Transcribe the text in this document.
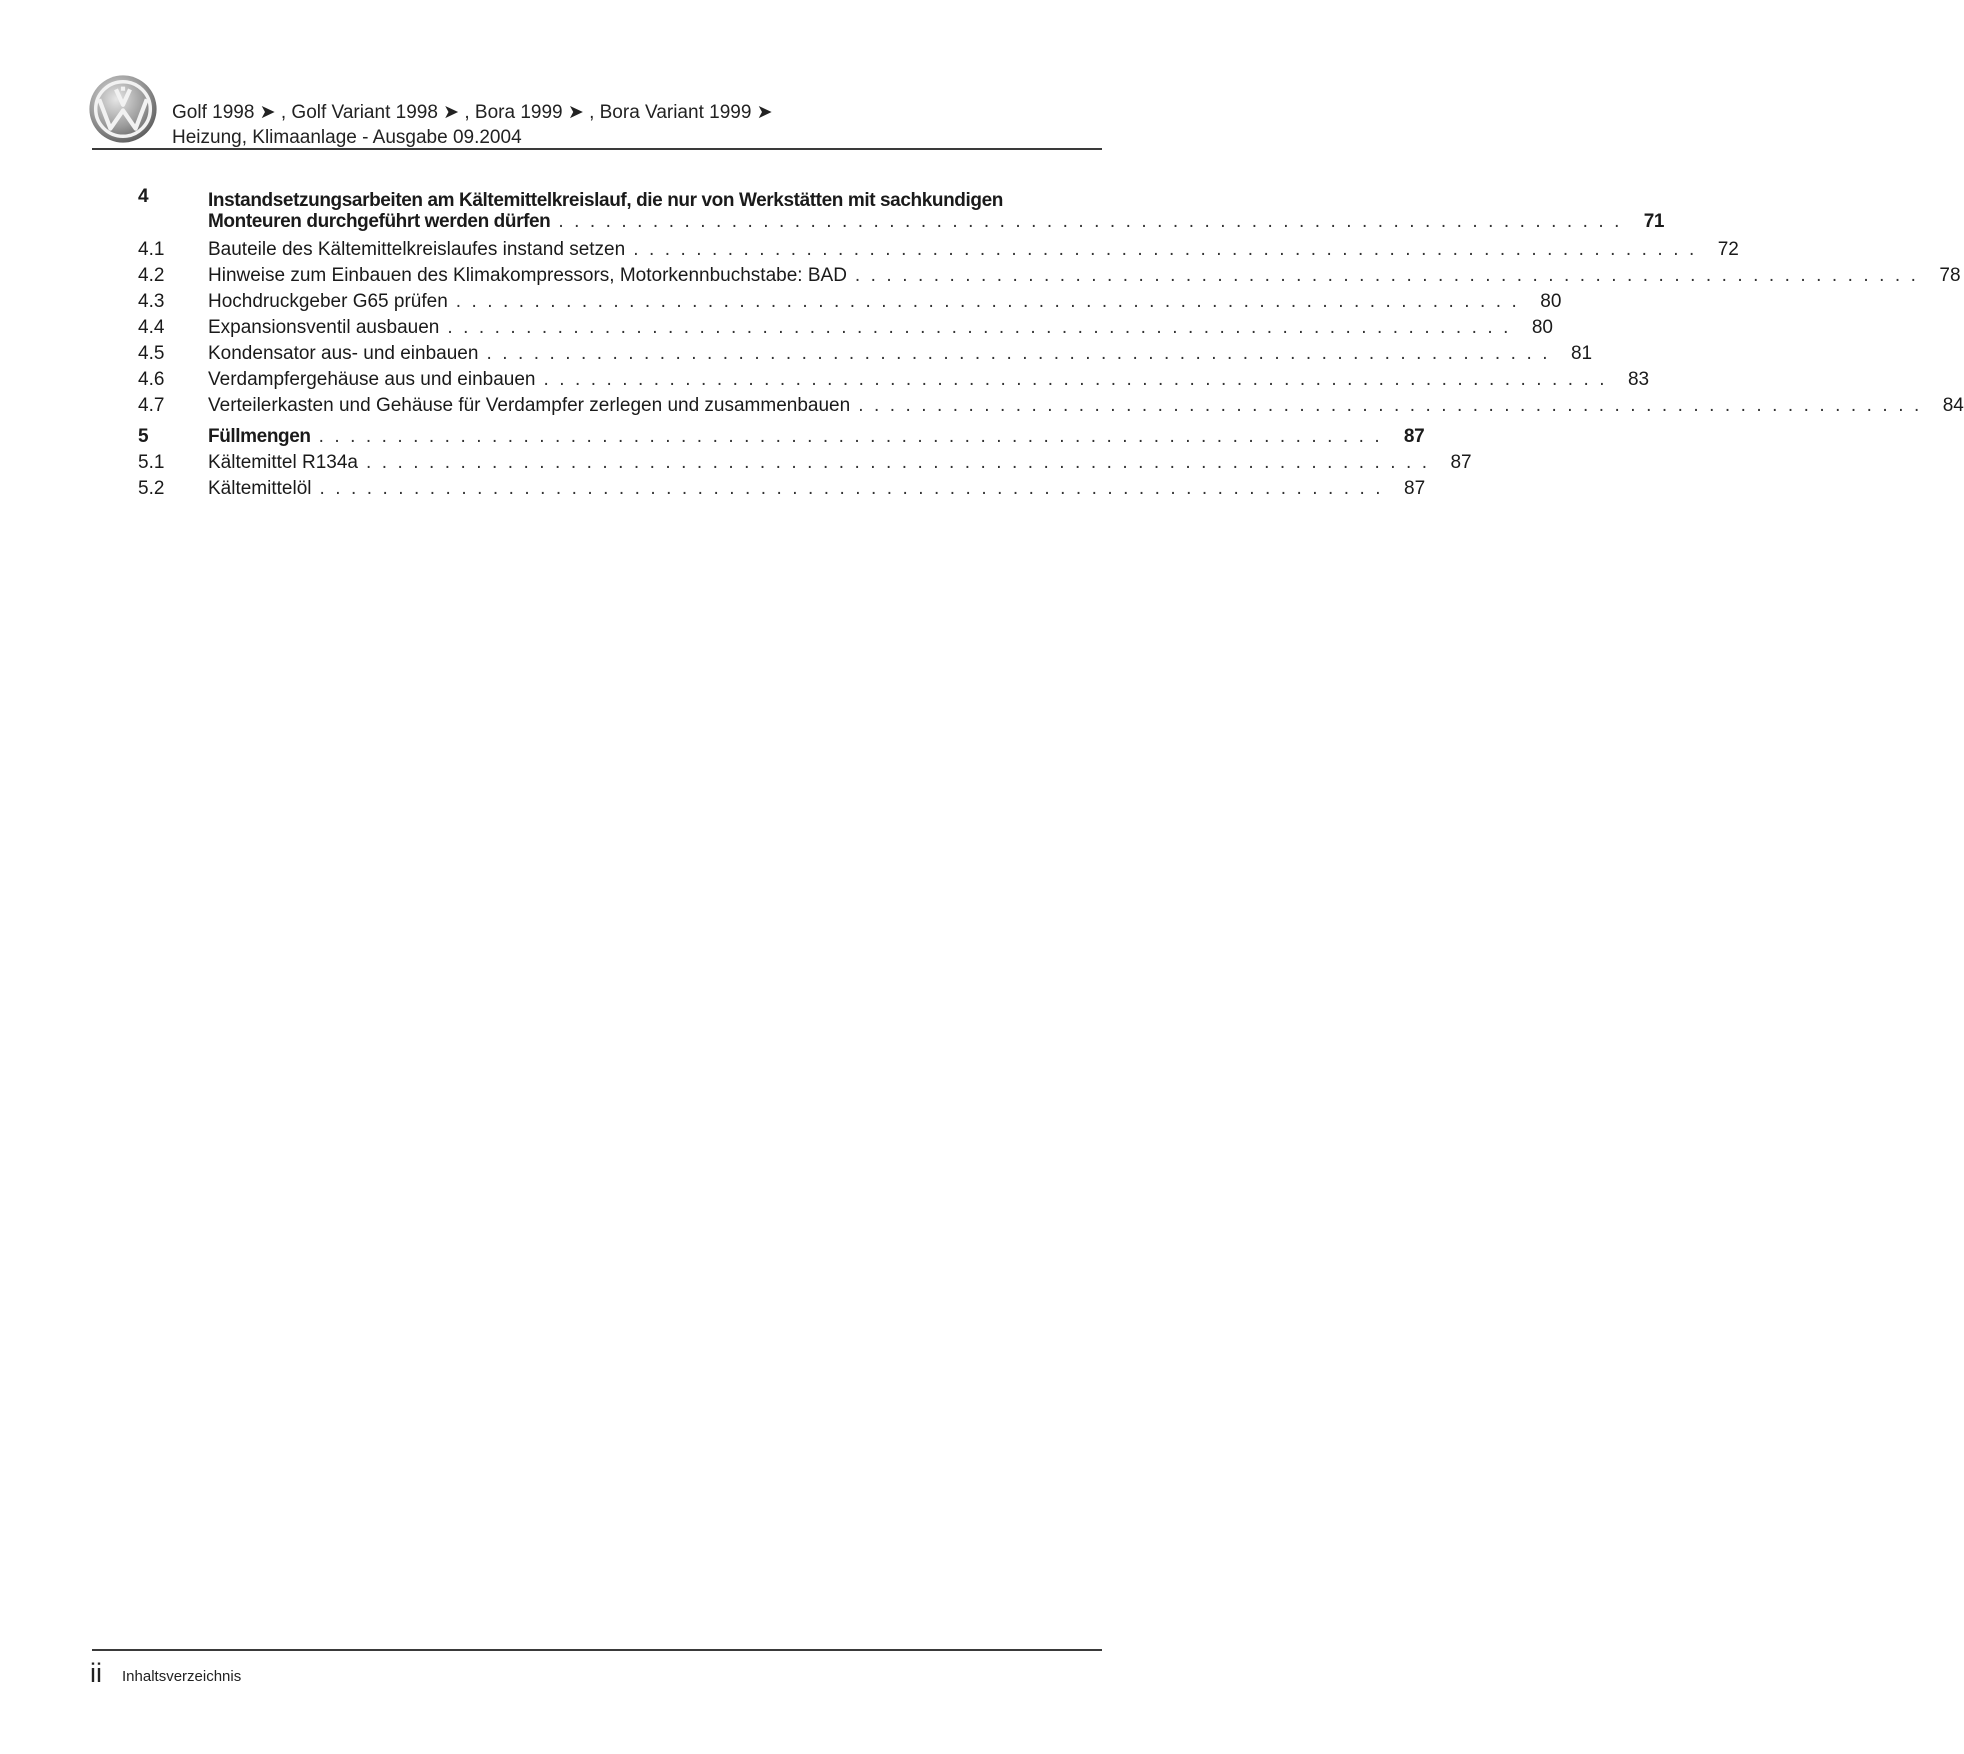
Golf 1998 ➤ , Golf Variant 1998 ➤ , Bora 1999 ➤ , Bora Variant 1999 ➤
Heizung, Klimaanlage - Ausgabe 09.2004
4	Instandsetzungsarbeiten am Kältemittelkreislauf, die nur von Werkstätten mit sachkundigen
Monteuren durchgeführt werden dürfen . . . . . . . . . . . . . . . . . . . . . . . . . . . . . . . . . . . . . . . . . . . . . . . . . . . . . . . . . . . . . . . . . . . .	71
4.1	Bauteile des Kältemittelkreislaufes instand setzen . . . . . . . . . . . . . . . . . . . . . . . . . . . . . . . . . . . . . . . . . . . . . . . . . . . . . . . . . . . . . . . . . . . .	72
4.2	Hinweise zum Einbauen des Klimakompressors, Motorkennbuchstabe: BAD . . . . . . . . . . . . . . . . . . . . . . . . . . . . . . . . . . . . . . . . . . . . . . . . . . . . . . . . . . . . . . . . . . . .	78
4.3	Hochdruckgeber G65 prüfen . . . . . . . . . . . . . . . . . . . . . . . . . . . . . . . . . . . . . . . . . . . . . . . . . . . . . . . . . . . . . . . . . . . .	80
4.4	Expansionsventil ausbauen . . . . . . . . . . . . . . . . . . . . . . . . . . . . . . . . . . . . . . . . . . . . . . . . . . . . . . . . . . . . . . . . . . . .	80
4.5	Kondensator aus- und einbauen . . . . . . . . . . . . . . . . . . . . . . . . . . . . . . . . . . . . . . . . . . . . . . . . . . . . . . . . . . . . . . . . . . . .	81
4.6	Verdampfergehäuse aus und einbauen . . . . . . . . . . . . . . . . . . . . . . . . . . . . . . . . . . . . . . . . . . . . . . . . . . . . . . . . . . . . . . . . . . . .	83
4.7	Verteilerkasten und Gehäuse für Verdampfer zerlegen und zusammenbauen . . . . . . . . . . . . . . . . . . . . . . . . . . . . . . . . . . . . . . . . . . . . . . . . . . . . . . . . . . . . . . . . . . . .	84
5	Füllmengen . . . . . . . . . . . . . . . . . . . . . . . . . . . . . . . . . . . . . . . . . . . . . . . . . . . . . . . . . . . . . . . . . . . .	87
5.1	Kältemittel R134a . . . . . . . . . . . . . . . . . . . . . . . . . . . . . . . . . . . . . . . . . . . . . . . . . . . . . . . . . . . . . . . . . . . .	87
5.2	Kältemittelöl . . . . . . . . . . . . . . . . . . . . . . . . . . . . . . . . . . . . . . . . . . . . . . . . . . . . . . . . . . . . . . . . . . . .	87
ii Inhaltsverzeichnis
